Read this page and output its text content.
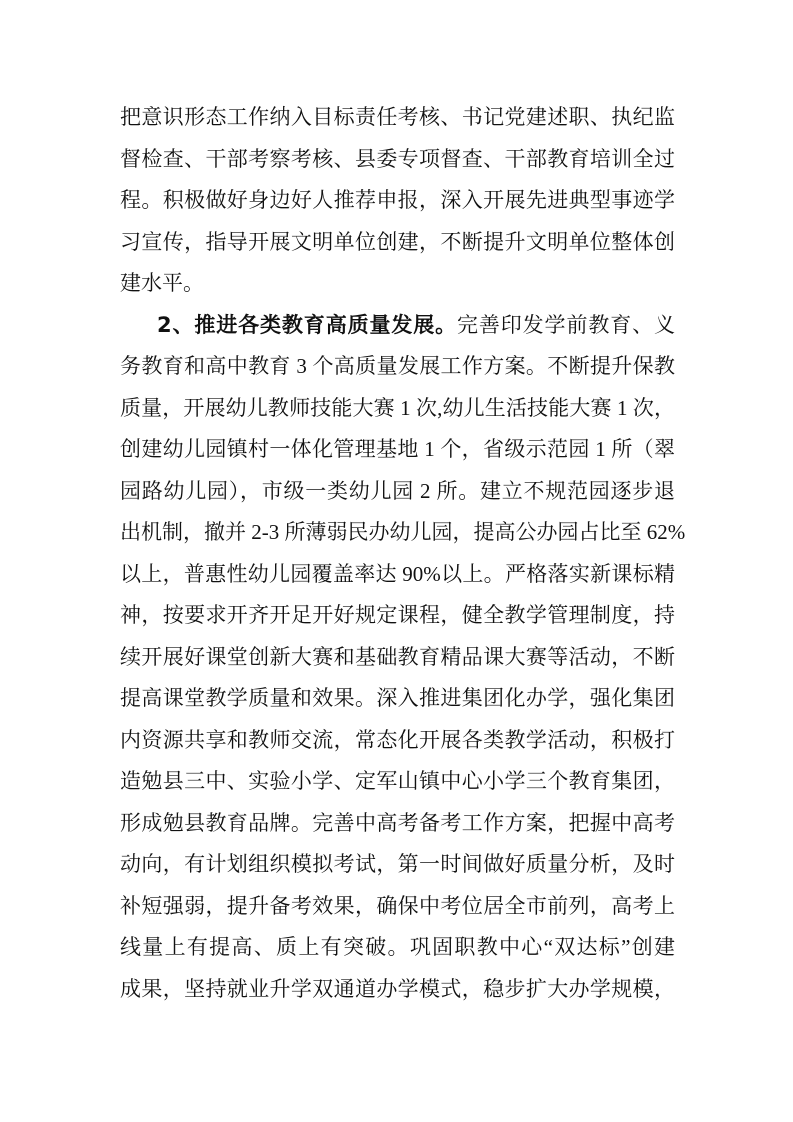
把意识形态工作纳入目标责任考核、书记党建述职、执纪监
督检查、干部考察考核、县委专项督查、干部教育培训全过
程。积极做好身边好人推荐申报，深入开展先进典型事迹学
习宣传，指导开展文明单位创建，不断提升文明单位整体创
建水平。
2、推进各类教育高质量发展。完善印发学前教育、义
务教育和高中教育 3 个高质量发展工作方案。不断提升保教
质量，开展幼儿教师技能大赛 1 次,幼儿生活技能大赛 1 次，
创建幼儿园镇村一体化管理基地 1 个，省级示范园 1 所（翠
园路幼儿园），市级一类幼儿园 2 所。建立不规范园逐步退
出机制，撤并 2-3 所薄弱民办幼儿园，提高公办园占比至 62%
以上，普惠性幼儿园覆盖率达 90%以上。严格落实新课标精
神，按要求开齐开足开好规定课程，健全教学管理制度，持
续开展好课堂创新大赛和基础教育精品课大赛等活动，不断
提高课堂教学质量和效果。深入推进集团化办学，强化集团
内资源共享和教师交流，常态化开展各类教学活动，积极打
造勉县三中、实验小学、定军山镇中心小学三个教育集团，
形成勉县教育品牌。完善中高考备考工作方案，把握中高考
动向，有计划组织模拟考试，第一时间做好质量分析，及时
补短强弱，提升备考效果，确保中考位居全市前列，高考上
线量上有提高、质上有突破。巩固职教中心“双达标”创建
成果，坚持就业升学双通道办学模式，稳步扩大办学规模，
